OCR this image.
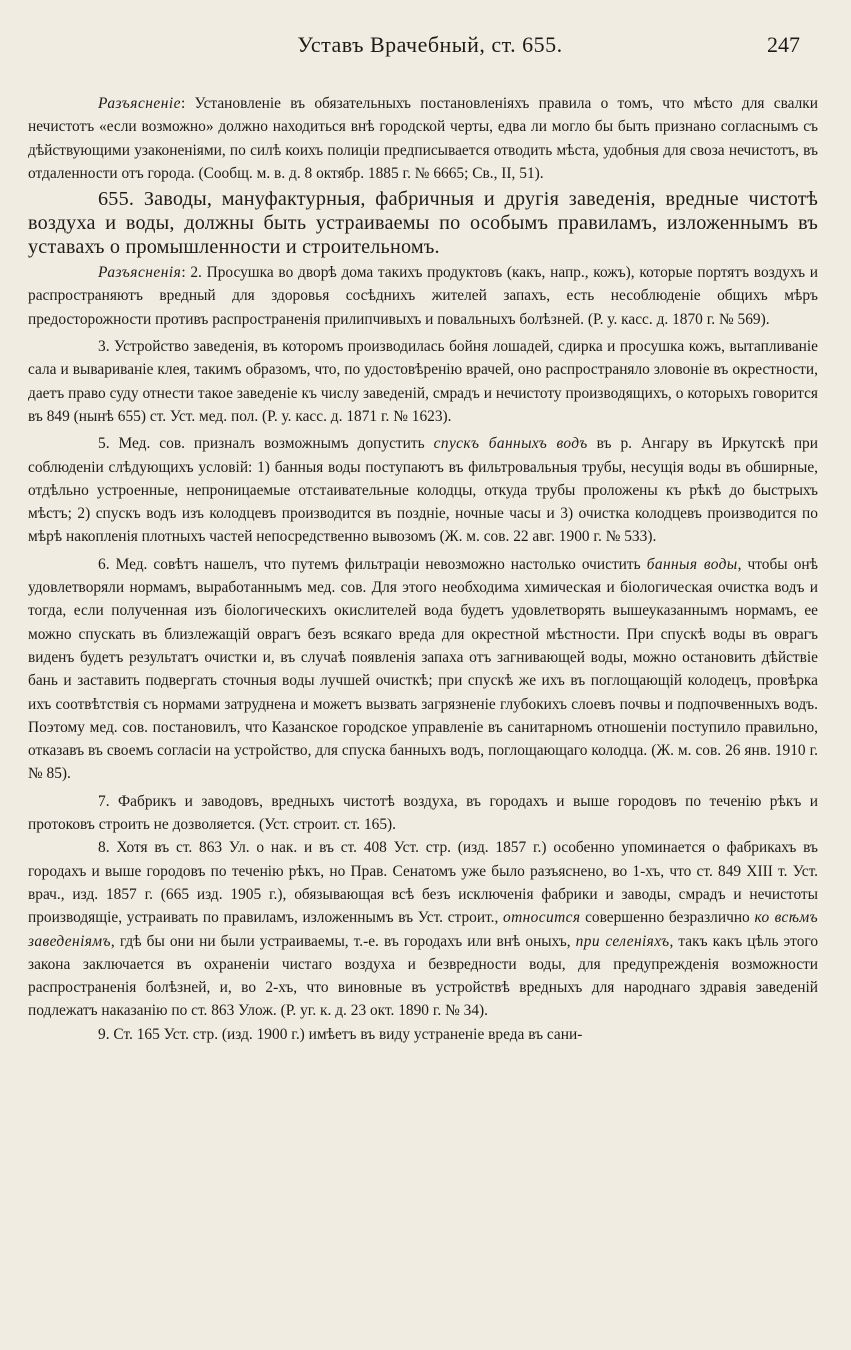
Уставъ Врачебный, ст. 655.	247

Разъясненіе: Установленіе въ обязательныхъ постановленіяхъ правила о томъ, что мѣсто для свалки нечистотъ «если возможно» должно находиться внѣ городской черты, едва ли могло бы быть признано согласнымъ съ дѣйствующими узаконеніями, по силѣ коихъ полиціи предписывается отводить мѣста, удобныя для своза нечистотъ, въ отдаленности отъ города. (Сообщ. м. в. д. 8 октябр. 1885 г. № 6665; Св., II, 51).

655. Заводы, мануфактурныя, фабричныя и другія заведенія, вредные чистотѣ воздуха и воды, должны быть устраиваемы по особымъ правиламъ, изложеннымъ въ уставахъ о промышленности и строительномъ.

Разъясненія: 2. Просушка во дворѣ дома такихъ продуктовъ (какъ, напр., кожъ), которые портятъ воздухъ и распространяютъ вредный для здоровья сосѣднихъ жителей запахъ, есть несоблюденіе общихъ мѣръ предосторожности противъ распространенія прилипчивыхъ и повальныхъ болѣзней. (Р. у. касс. д. 1870 г. № 569).

3. Устройство заведенія, въ которомъ производилась бойня лошадей, сдирка и просушка кожъ, вытапливаніе сала и вывариваніе клея, такимъ образомъ, что, по удостовѣренію врачей, оно распространяло зловоніе въ окрестности, даетъ право суду отнести такое заведеніе къ числу заведеній, смрадъ и нечистоту производящихъ, о которыхъ говорится въ 849 (нынѣ 655) ст. Уст. мед. пол. (Р. у. касс. д. 1871 г. № 1623).

5. Мед. сов. призналъ возможнымъ допустить спускъ банныхъ водъ въ р. Ангару въ Иркутскѣ при соблюденіи слѣдующихъ условій: 1) банныя воды поступаютъ въ фильтровальныя трубы, несущія воды въ обширные, отдѣльно устроенные, непроницаемые отстаивательные колодцы, откуда трубы проложены къ рѣкѣ до быстрыхъ мѣстъ; 2) спускъ водъ изъ колодцевъ производится въ поздніе, ночные часы и 3) очистка колодцевъ производится по мѣрѣ накопленія плотныхъ частей непосредственно вывозомъ (Ж. м. сов. 22 авг. 1900 г. № 533).

6. Мед. совѣтъ нашелъ, что путемъ фильтраціи невозможно настолько очистить банныя воды, чтобы онѣ удовлетворяли нормамъ, выработаннымъ мед. сов. Для этого необходима химическая и біологическая очистка водъ и тогда, если полученная изъ біологическихъ окислителей вода будетъ удовлетворять вышеуказаннымъ нормамъ, ее можно спускать въ близлежащій оврагъ безъ всякаго вреда для окрестной мѣстности. При спускѣ воды въ оврагъ виденъ будетъ результатъ очистки и, въ случаѣ появленія запаха отъ загнивающей воды, можно остановить дѣйствіе бань и заставить подвергать сточныя воды лучшей очисткѣ; при спускѣ же ихъ въ поглощающій колодецъ, провѣрка ихъ соотвѣтствія съ нормами затруднена и можетъ вызвать загрязненіе глубокихъ слоевъ почвы и подпочвенныхъ водъ. Поэтому мед. сов. постановилъ, что Казанское городское управленіе въ санитарномъ отношеніи поступило правильно, отказавъ въ своемъ согласіи на устройство, для спуска банныхъ водъ, поглощающаго колодца. (Ж. м. сов. 26 янв. 1910 г. № 85).

7. Фабрикъ и заводовъ, вредныхъ чистотѣ воздуха, въ городахъ и выше городовъ по теченію рѣкъ и протоковъ строить не дозволяется. (Уст. строит. ст. 165).

8. Хотя въ ст. 863 Ул. о нак. и въ ст. 408 Уст. стр. (изд. 1857 г.) особенно упоминается о фабрикахъ въ городахъ и выше городовъ по теченію рѣкъ, но Прав. Сенатомъ уже было разъяснено, во 1-хъ, что ст. 849 XIII т. Уст. врач., изд. 1857 г. (665 изд. 1905 г.), обязывающая всѣ безъ исключенія фабрики и заводы, смрадъ и нечистоты производящіе, устраивать по правиламъ, изложеннымъ въ Уст. строит., относится совершенно безразлично ко всѣмъ заведеніямъ, гдѣ бы они ни были устраиваемы, т.-е. въ городахъ или внѣ оныхъ, при селеніяхъ, такъ какъ цѣль этого закона заключается въ охраненіи чистаго воздуха и безвредности воды, для предупрежденія возможности распространенія болѣзней, и, во 2-хъ, что виновные въ устройствѣ вредныхъ для народнаго здравія заведеній подлежатъ наказанію по ст. 863 Улож. (Р. уг. к. д. 23 окт. 1890 г. № 34).

9. Ст. 165 Уст. стр. (изд. 1900 г.) имѣетъ въ виду устраненіе вреда въ сани-
